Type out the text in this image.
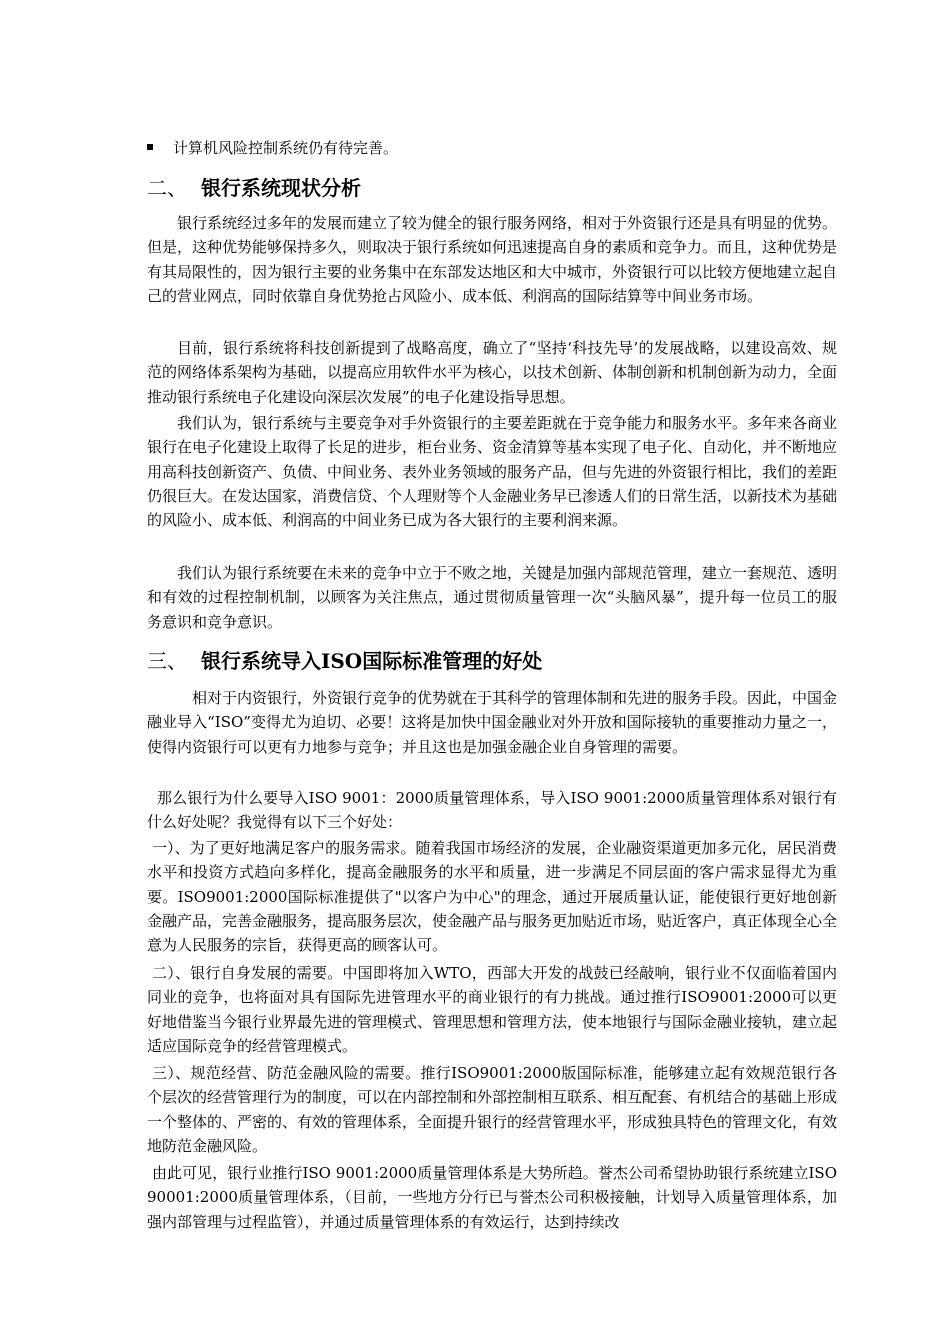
计算机风险控制系统仍有待完善。
二、 银行系统现状分析

银行系统经过多年的发展而建立了较为健全的银行服务网络，相对于外资银行还是具有明显的优势。但是，这种优势能够保持多久，则取决于银行系统如何迅速提高自身的素质和竞争力。而且，这种优势是有其局限性的，因为银行主要的业务集中在东部发达地区和大中城市，外资银行可以比较方便地建立起自己的营业网点，同时依靠自身优势抢占风险小、成本低、利润高的国际结算等中间业务市场。

目前，银行系统将科技创新提到了战略高度，确立了“坚持‘科技先导’的发展战略，以建设高效、规范的网络体系架构为基础，以提高应用软件水平为核心，以技术创新、体制创新和机制创新为动力，全面推动银行系统电子化建设向深层次发展”的电子化建设指导思想。

我们认为，银行系统与主要竞争对手外资银行的主要差距就在于竞争能力和服务水平。多年来各商业银行在电子化建设上取得了长足的进步，柜台业务、资金清算等基本实现了电子化、自动化，并不断地应用高科技创新资产、负债、中间业务、表外业务领域的服务产品，但与先进的外资银行相比，我们的差距仍很巨大。在发达国家，消费信贷、个人理财等个人金融业务早已渗透人们的日常生活，以新技术为基础的风险小、成本低、利润高的中间业务已成为各大银行的主要利润来源。

我们认为银行系统要在未来的竞争中立于不败之地，关键是加强内部规范管理，建立一套规范、透明和有效的过程控制机制，以顾客为关注焦点，通过贯彻质量管理一次“头脑风暴”，提升每一位员工的服务意识和竞争意识。

三、 银行系统导入ISO国际标准管理的好处

相对于内资银行，外资银行竞争的优势就在于其科学的管理体制和先进的服务手段。因此，中国金融业导入“ISO”变得尤为迫切、必要！这将是加快中国金融业对外开放和国际接轨的重要推动力量之一，使得内资银行可以更有力地参与竞争；并且这也是加强金融企业自身管理的需要。

那么银行为什么要导入ISO 9001：2000质量管理体系，导入ISO 9001:2000质量管理体系对银行有什么好处呢？我觉得有以下三个好处：

一）、为了更好地满足客户的服务需求。随着我国市场经济的发展，企业融资渠道更加多元化，居民消费水平和投资方式趋向多样化，提高金融服务的水平和质量，进一步满足不同层面的客户需求显得尤为重要。ISO9001:2000国际标准提供了"以客户为中心"的理念，通过开展质量认证，能使银行更好地创新金融产品，完善金融服务，提高服务层次，使金融产品与服务更加贴近市场，贴近客户，真正体现全心全意为人民服务的宗旨，获得更高的顾客认可。

二）、银行自身发展的需要。中国即将加入WTO，西部大开发的战鼓已经敲响，银行业不仅面临着国内同业的竞争，也将面对具有国际先进管理水平的商业银行的有力挑战。通过推行ISO9001:2000可以更好地借鉴当今银行业界最先进的管理模式、管理思想和管理方法，使本地银行与国际金融业接轨，建立起适应国际竞争的经营管理模式。

三）、规范经营、防范金融风险的需要。推行ISO9001:2000版国际标准，能够建立起有效规范银行各个层次的经营管理行为的制度，可以在内部控制和外部控制相互联系、相互配套、有机结合的基础上形成一个整体的、严密的、有效的管理体系，全面提升银行的经营管理水平，形成独具特色的管理文化，有效地防范金融风险。

由此可见，银行业推行ISO 9001:2000质量管理体系是大势所趋。誉杰公司希望协助银行系统建立ISO 90001:2000质量管理体系，（目前，一些地方分行已与誉杰公司积极接触，计划导入质量管理体系，加强内部管理与过程监管），并通过质量管理体系的有效运行，达到持续改
